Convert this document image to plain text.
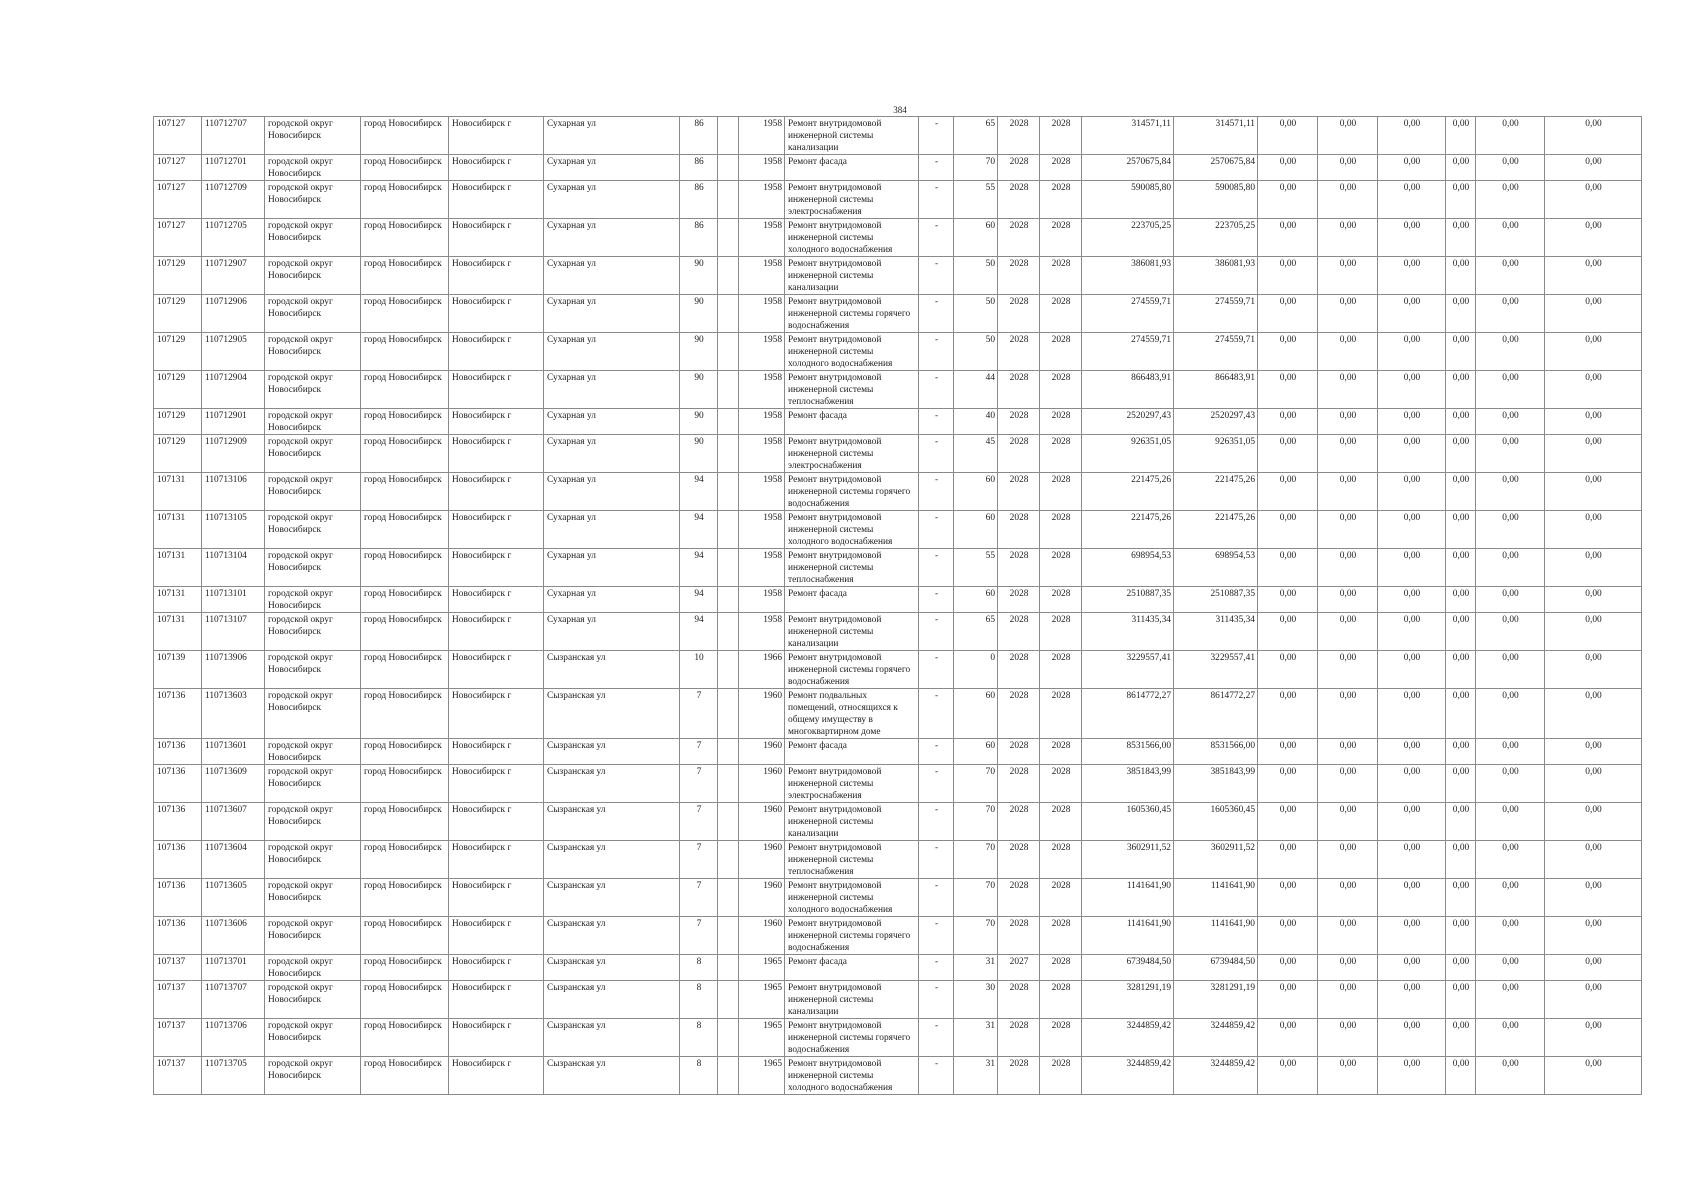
384
107127	110712707	городской округ Новосибирск	город Новосибирск	Новосибирск г	Сухарная ул	86		1958	Ремонт внутридомовой инженерной системы канализации	-	65	2028	2028	314571,11	314571,11	0,00	0,00	0,00	0,00	0,00	0,00
107127	110712701	городской округ Новосибирск	город Новосибирск	Новосибирск г	Сухарная ул	86		1958	Ремонт фасада	-	70	2028	2028	2570675,84	2570675,84	0,00	0,00	0,00	0,00	0,00	0,00
107127	110712709	городской округ Новосибирск	город Новосибирск	Новосибирск г	Сухарная ул	86		1958	Ремонт внутридомовой инженерной системы электроснабжения	-	55	2028	2028	590085,80	590085,80	0,00	0,00	0,00	0,00	0,00	0,00
107127	110712705	городской округ Новосибирск	город Новосибирск	Новосибирск г	Сухарная ул	86		1958	Ремонт внутридомовой инженерной системы холодного водоснабжения	-	60	2028	2028	223705,25	223705,25	0,00	0,00	0,00	0,00	0,00	0,00
107129	110712907	городской округ Новосибирск	город Новосибирск	Новосибирск г	Сухарная ул	90		1958	Ремонт внутридомовой инженерной системы канализации	-	50	2028	2028	386081,93	386081,93	0,00	0,00	0,00	0,00	0,00	0,00
107129	110712906	городской округ Новосибирск	город Новосибирск	Новосибирск г	Сухарная ул	90		1958	Ремонт внутридомовой инженерной системы горячего водоснабжения	-	50	2028	2028	274559,71	274559,71	0,00	0,00	0,00	0,00	0,00	0,00
107129	110712905	городской округ Новосибирск	город Новосибирск	Новосибирск г	Сухарная ул	90		1958	Ремонт внутридомовой инженерной системы холодного водоснабжения	-	50	2028	2028	274559,71	274559,71	0,00	0,00	0,00	0,00	0,00	0,00
107129	110712904	городской округ Новосибирск	город Новосибирск	Новосибирск г	Сухарная ул	90		1958	Ремонт внутридомовой инженерной системы теплоснабжения	-	44	2028	2028	866483,91	866483,91	0,00	0,00	0,00	0,00	0,00	0,00
107129	110712901	городской округ Новосибирск	город Новосибирск	Новосибирск г	Сухарная ул	90		1958	Ремонт фасада	-	40	2028	2028	2520297,43	2520297,43	0,00	0,00	0,00	0,00	0,00	0,00
107129	110712909	городской округ Новосибирск	город Новосибирск	Новосибирск г	Сухарная ул	90		1958	Ремонт внутридомовой инженерной системы электроснабжения	-	45	2028	2028	926351,05	926351,05	0,00	0,00	0,00	0,00	0,00	0,00
107131	110713106	городской округ Новосибирск	город Новосибирск	Новосибирск г	Сухарная ул	94		1958	Ремонт внутридомовой инженерной системы горячего водоснабжения	-	60	2028	2028	221475,26	221475,26	0,00	0,00	0,00	0,00	0,00	0,00
107131	110713105	городской округ Новосибирск	город Новосибирск	Новосибирск г	Сухарная ул	94		1958	Ремонт внутридомовой инженерной системы холодного водоснабжения	-	60	2028	2028	221475,26	221475,26	0,00	0,00	0,00	0,00	0,00	0,00
107131	110713104	городской округ Новосибирск	город Новосибирск	Новосибирск г	Сухарная ул	94		1958	Ремонт внутридомовой инженерной системы теплоснабжения	-	55	2028	2028	698954,53	698954,53	0,00	0,00	0,00	0,00	0,00	0,00
107131	110713101	городской округ Новосибирск	город Новосибирск	Новосибирск г	Сухарная ул	94		1958	Ремонт фасада	-	60	2028	2028	2510887,35	2510887,35	0,00	0,00	0,00	0,00	0,00	0,00
107131	110713107	городской округ Новосибирск	город Новосибирск	Новосибирск г	Сухарная ул	94		1958	Ремонт внутридомовой инженерной системы канализации	-	65	2028	2028	311435,34	311435,34	0,00	0,00	0,00	0,00	0,00	0,00
107139	110713906	городской округ Новосибирск	город Новосибирск	Новосибирск г	Сызранская ул	10		1966	Ремонт внутридомовой инженерной системы горячего водоснабжения	-	0	2028	2028	3229557,41	3229557,41	0,00	0,00	0,00	0,00	0,00	0,00
107136	110713603	городской округ Новосибирск	город Новосибирск	Новосибирск г	Сызранская ул	7		1960	Ремонт подвальных помещений, относящихся к общему имуществу в многоквартирном доме	-	60	2028	2028	8614772,27	8614772,27	0,00	0,00	0,00	0,00	0,00	0,00
107136	110713601	городской округ Новосибирск	город Новосибирск	Новосибирск г	Сызранская ул	7		1960	Ремонт фасада	-	60	2028	2028	8531566,00	8531566,00	0,00	0,00	0,00	0,00	0,00	0,00
107136	110713609	городской округ Новосибирск	город Новосибирск	Новосибирск г	Сызранская ул	7		1960	Ремонт внутридомовой инженерной системы электроснабжения	-	70	2028	2028	3851843,99	3851843,99	0,00	0,00	0,00	0,00	0,00	0,00
107136	110713607	городской округ Новосибирск	город Новосибирск	Новосибирск г	Сызранская ул	7		1960	Ремонт внутридомовой инженерной системы канализации	-	70	2028	2028	1605360,45	1605360,45	0,00	0,00	0,00	0,00	0,00	0,00
107136	110713604	городской округ Новосибирск	город Новосибирск	Новосибирск г	Сызранская ул	7		1960	Ремонт внутридомовой инженерной системы теплоснабжения	-	70	2028	2028	3602911,52	3602911,52	0,00	0,00	0,00	0,00	0,00	0,00
107136	110713605	городской округ Новосибирск	город Новосибирск	Новосибирск г	Сызранская ул	7		1960	Ремонт внутридомовой инженерной системы холодного водоснабжения	-	70	2028	2028	1141641,90	1141641,90	0,00	0,00	0,00	0,00	0,00	0,00
107136	110713606	городской округ Новосибирск	город Новосибирск	Новосибирск г	Сызранская ул	7		1960	Ремонт внутридомовой инженерной системы горячего водоснабжения	-	70	2028	2028	1141641,90	1141641,90	0,00	0,00	0,00	0,00	0,00	0,00
107137	110713701	городской округ Новосибирск	город Новосибирск	Новосибирск г	Сызранская ул	8		1965	Ремонт фасада	-	31	2027	2028	6739484,50	6739484,50	0,00	0,00	0,00	0,00	0,00	0,00
107137	110713707	городской округ Новосибирск	город Новосибирск	Новосибирск г	Сызранская ул	8		1965	Ремонт внутридомовой инженерной системы канализации	-	30	2028	2028	3281291,19	3281291,19	0,00	0,00	0,00	0,00	0,00	0,00
107137	110713706	городской округ Новосибирск	город Новосибирск	Новосибирск г	Сызранская ул	8		1965	Ремонт внутридомовой инженерной системы горячего водоснабжения	-	31	2028	2028	3244859,42	3244859,42	0,00	0,00	0,00	0,00	0,00	0,00
107137	110713705	городской округ Новосибирск	город Новосибирск	Новосибирск г	Сызранская ул	8		1965	Ремонт внутридомовой инженерной системы холодного водоснабжения	-	31	2028	2028	3244859,42	3244859,42	0,00	0,00	0,00	0,00	0,00	0,00
